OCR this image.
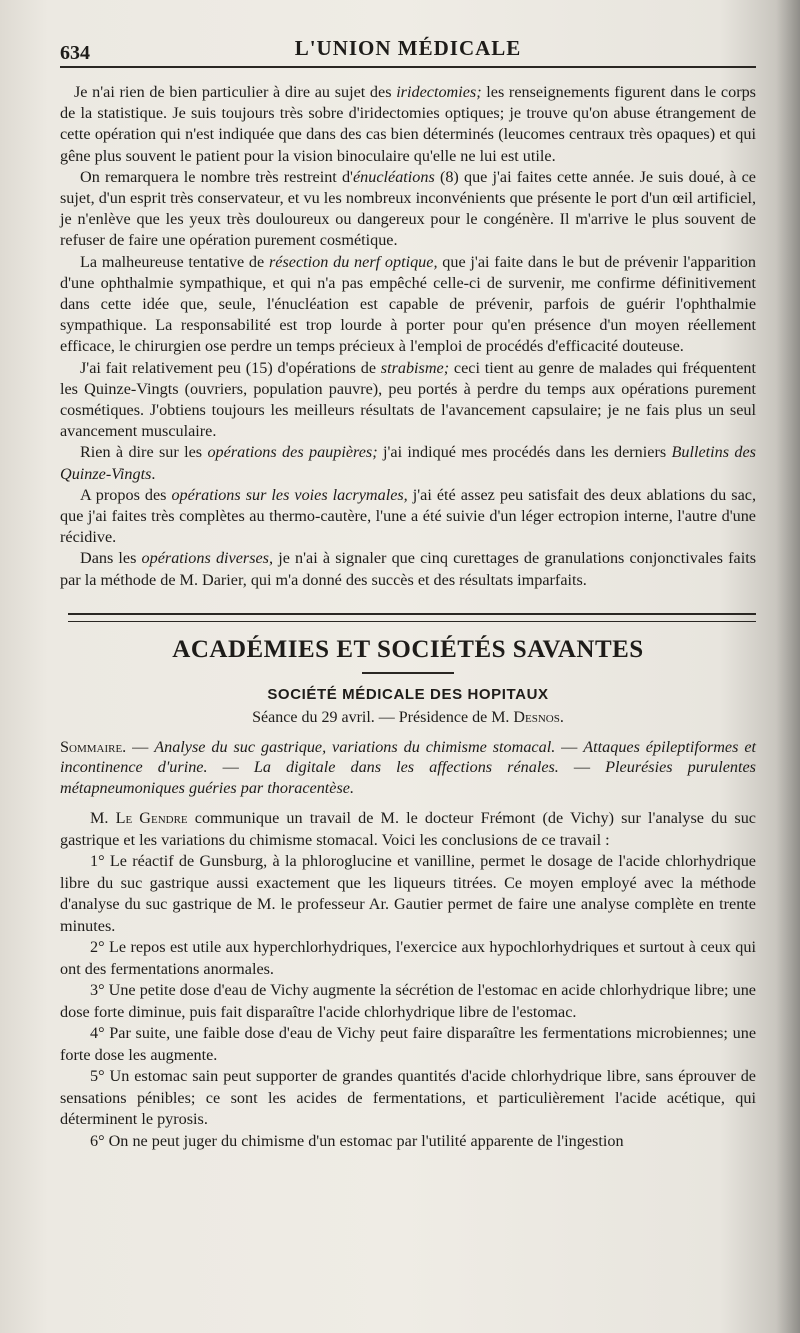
634	L'UNION MÉDICALE

Je n'ai rien de bien particulier à dire au sujet des iridectomies; les renseignements figurent dans le corps de la statistique. Je suis toujours très sobre d'iridectomies optiques; je trouve qu'on abuse étrangement de cette opération qui n'est indiquée que dans des cas bien déterminés (leucomes centraux très opaques) et qui gêne plus souvent le patient pour la vision binoculaire qu'elle ne lui est utile.

On remarquera le nombre très restreint d'énucléations (8) que j'ai faites cette année. Je suis doué, à ce sujet, d'un esprit très conservateur, et vu les nombreux inconvénients que présente le port d'un œil artificiel, je n'enlève que les yeux très douloureux ou dangereux pour le congénère. Il m'arrive le plus souvent de refuser de faire une opération purement cosmétique.

La malheureuse tentative de résection du nerf optique, que j'ai faite dans le but de prévenir l'apparition d'une ophthalmie sympathique, et qui n'a pas empêché celle-ci de survenir, me confirme définitivement dans cette idée que, seule, l'énucléation est capable de prévenir, parfois de guérir l'ophthalmie sympathique. La responsabilité est trop lourde à porter pour qu'en présence d'un moyen réellement efficace, le chirurgien ose perdre un temps précieux à l'emploi de procédés d'efficacité douteuse.

J'ai fait relativement peu (15) d'opérations de strabisme; ceci tient au genre de malades qui fréquentent les Quinze-Vingts (ouvriers, population pauvre), peu portés à perdre du temps aux opérations purement cosmétiques. J'obtiens toujours les meilleurs résultats de l'avancement capsulaire; je ne fais plus un seul avancement musculaire.

Rien à dire sur les opérations des paupières; j'ai indiqué mes procédés dans les derniers Bulletins des Quinze-Vingts.

A propos des opérations sur les voies lacrymales, j'ai été assez peu satisfait des deux ablations du sac, que j'ai faites très complètes au thermo-cautère, l'une a été suivie d'un léger ectropion interne, l'autre d'une récidive.

Dans les opérations diverses, je n'ai à signaler que cinq curettages de granulations conjonctivales faits par la méthode de M. Darier, qui m'a donné des succès et des résultats imparfaits.

ACADÉMIES ET SOCIÉTÉS SAVANTES
SOCIÉTÉ MÉDICALE DES HOPITAUX
Séance du 29 avril. — Présidence de M. Desnos.

Sommaire. — Analyse du suc gastrique, variations du chimisme stomacal. — Attaques épileptiformes et incontinence d'urine. — La digitale dans les affections rénales. — Pleurésies purulentes métapneumoniques guéries par thoracentèse.

M. Le Gendre communique un travail de M. le docteur Frémont (de Vichy) sur l'analyse du suc gastrique et les variations du chimisme stomacal. Voici les conclusions de ce travail :

1° Le réactif de Gunsburg, à la phloroglucine et vanilline, permet le dosage de l'acide chlorhydrique libre du suc gastrique aussi exactement que les liqueurs titrées. Ce moyen employé avec la méthode d'analyse du suc gastrique de M. le professeur Ar. Gautier permet de faire une analyse complète en trente minutes.

2° Le repos est utile aux hyperchlorhydriques, l'exercice aux hypochlorhydriques et surtout à ceux qui ont des fermentations anormales.

3° Une petite dose d'eau de Vichy augmente la sécrétion de l'estomac en acide chlorhydrique libre; une dose forte diminue, puis fait disparaître l'acide chlorhydrique libre de l'estomac.

4° Par suite, une faible dose d'eau de Vichy peut faire disparaître les fermentations microbiennes; une forte dose les augmente.

5° Un estomac sain peut supporter de grandes quantités d'acide chlorhydrique libre, sans éprouver de sensations pénibles; ce sont les acides de fermentations, et particulièrement l'acide acétique, qui déterminent le pyrosis.

6° On ne peut juger du chimisme d'un estomac par l'utilité apparente de l'ingestion
